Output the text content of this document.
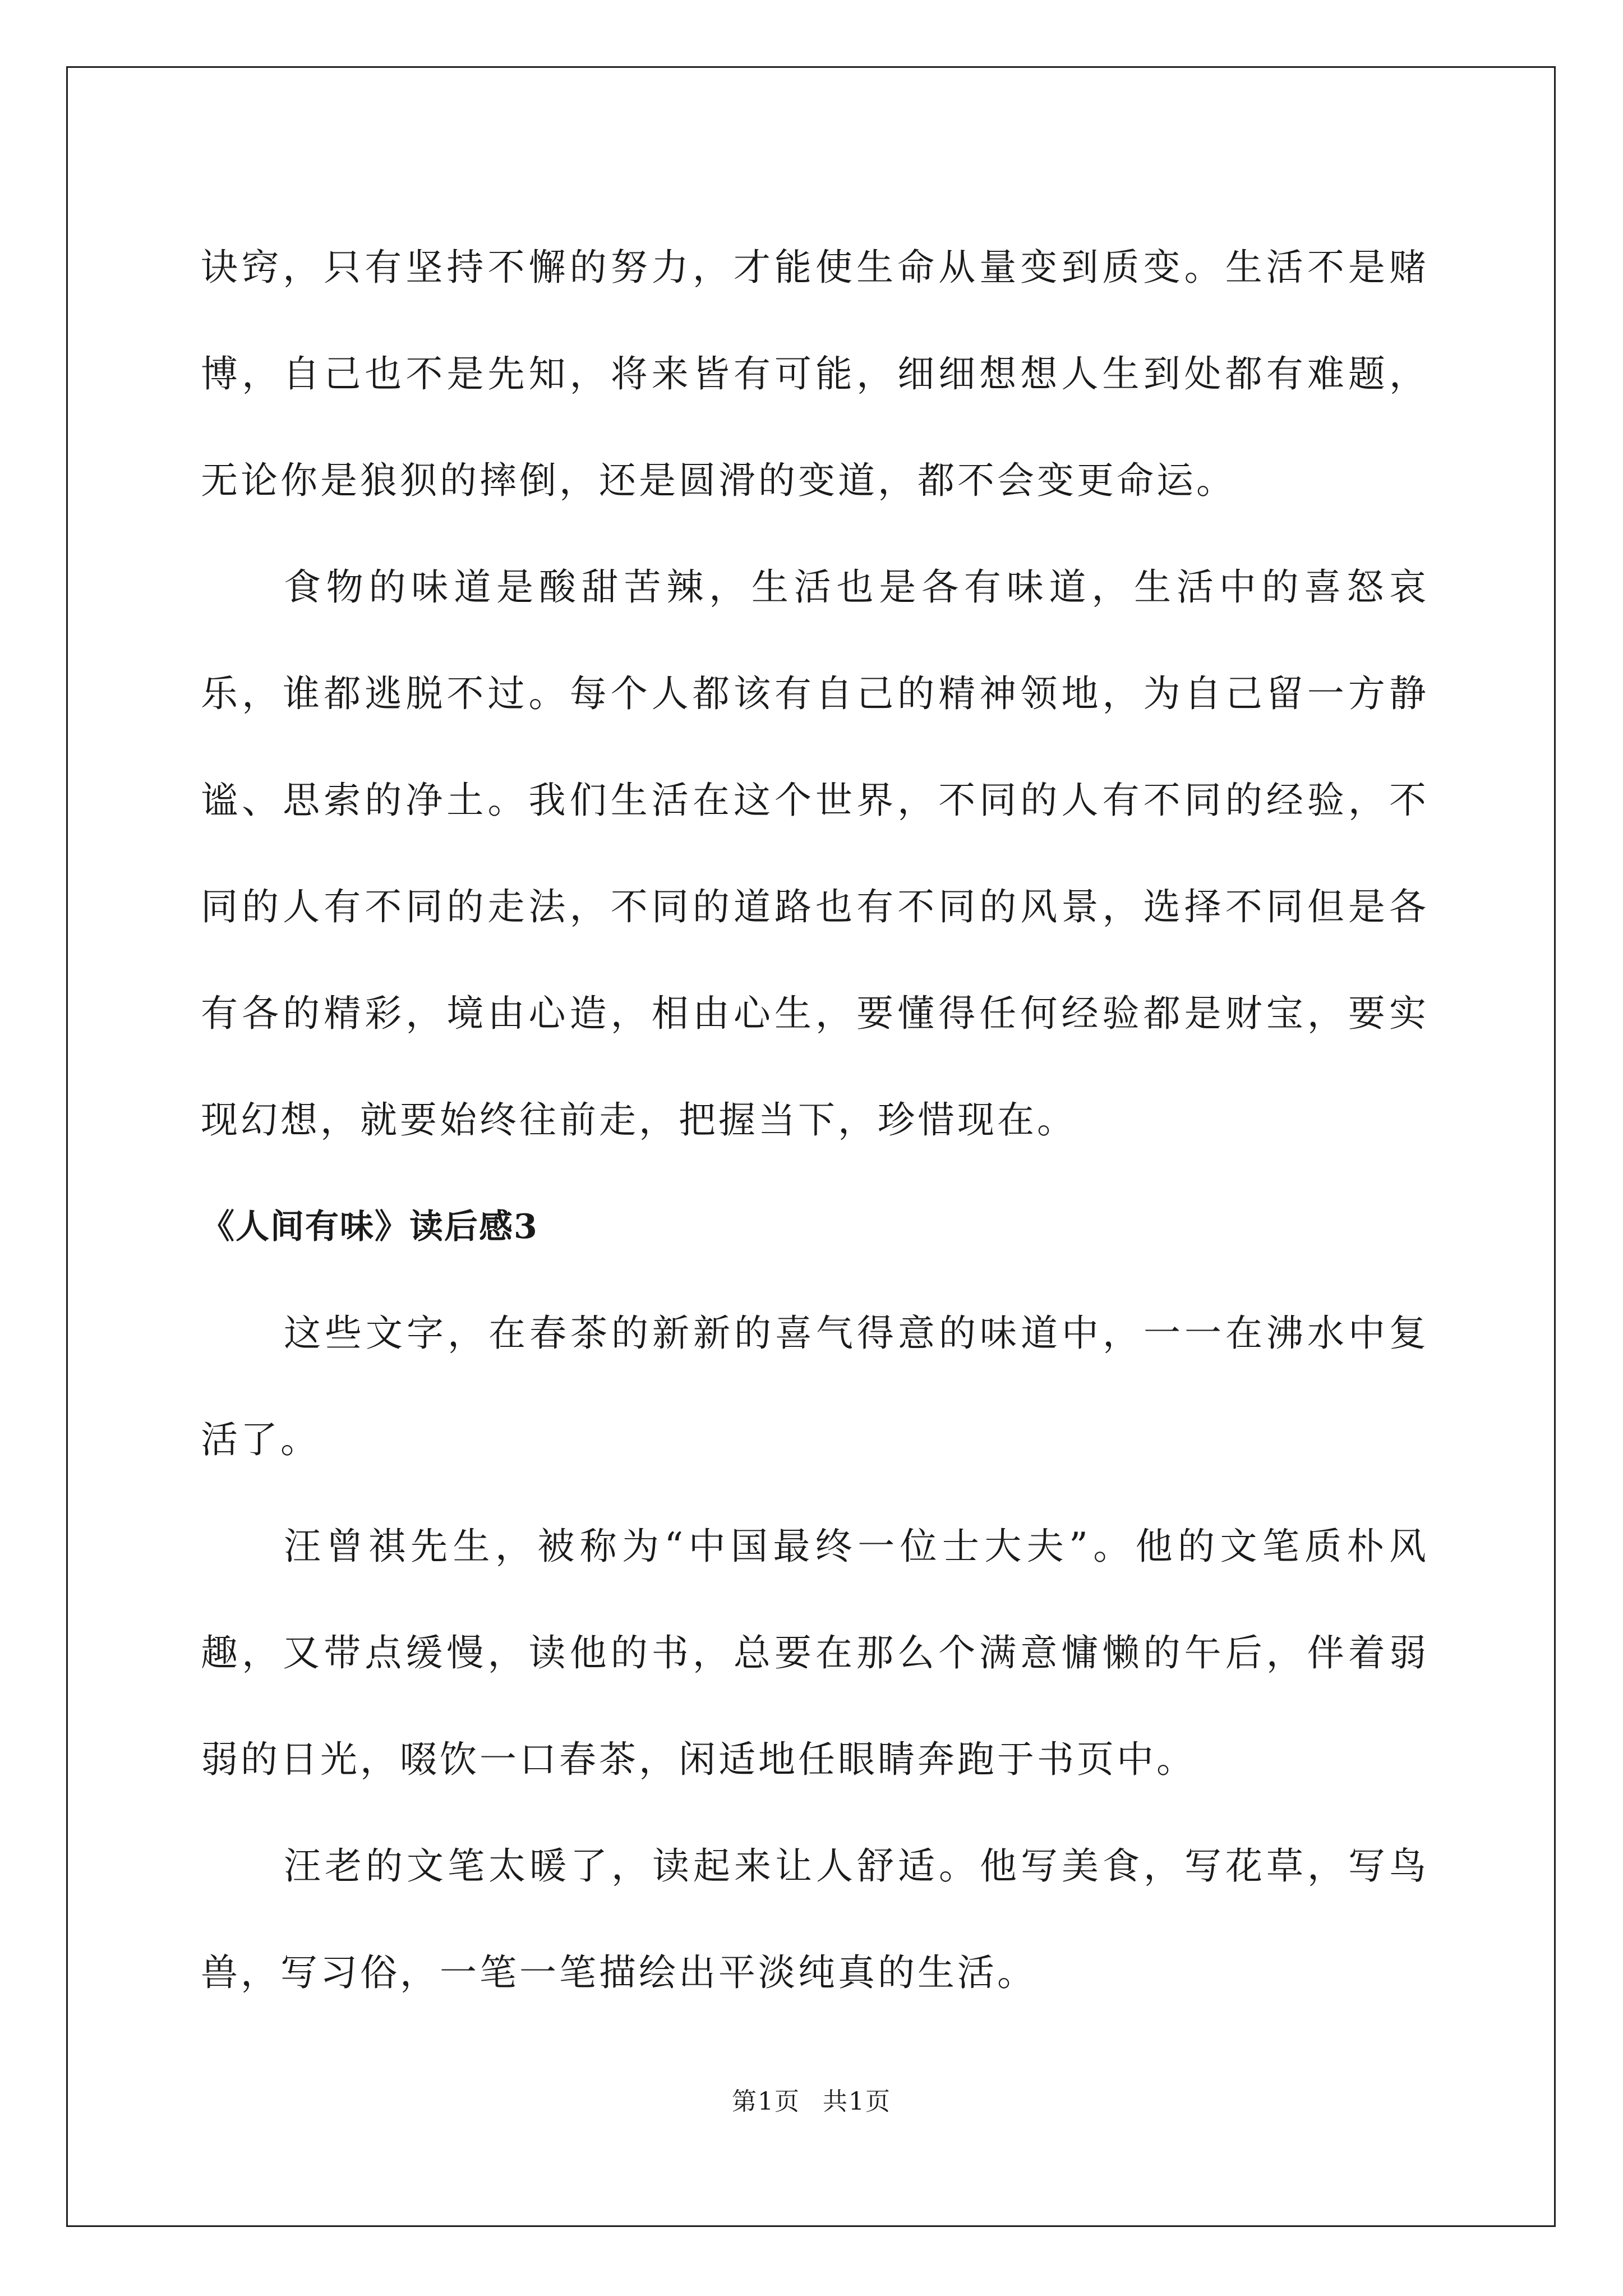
诀窍，只有坚持不懈的努力，才能使生命从量变到质变。生活不是赌博，自己也不是先知，将来皆有可能，细细想想人生到处都有难题，无论你是狼狈的摔倒，还是圆滑的变道，都不会变更命运。

食物的味道是酸甜苦辣，生活也是各有味道，生活中的喜怒哀乐，谁都逃脱不过。每个人都该有自己的精神领地，为自己留一方静谧、思索的净土。我们生活在这个世界，不同的人有不同的经验，不同的人有不同的走法，不同的道路也有不同的风景，选择不同但是各有各的精彩，境由心造，相由心生，要懂得任何经验都是财宝，要实现幻想，就要始终往前走，把握当下，珍惜现在。

《人间有味》读后感3

这些文字，在春茶的新新的喜气得意的味道中，一一在沸水中复活了。

汪曾祺先生，被称为“中国最终一位士大夫”。他的文笔质朴风趣，又带点缓慢，读他的书，总要在那么个满意慵懒的午后，伴着弱弱的日光，啜饮一口春茶，闲适地任眼睛奔跑于书页中。

汪老的文笔太暖了，读起来让人舒适。他写美食，写花草，写鸟兽，写习俗，一笔一笔描绘出平淡纯真的生活。

第1页 共1页
